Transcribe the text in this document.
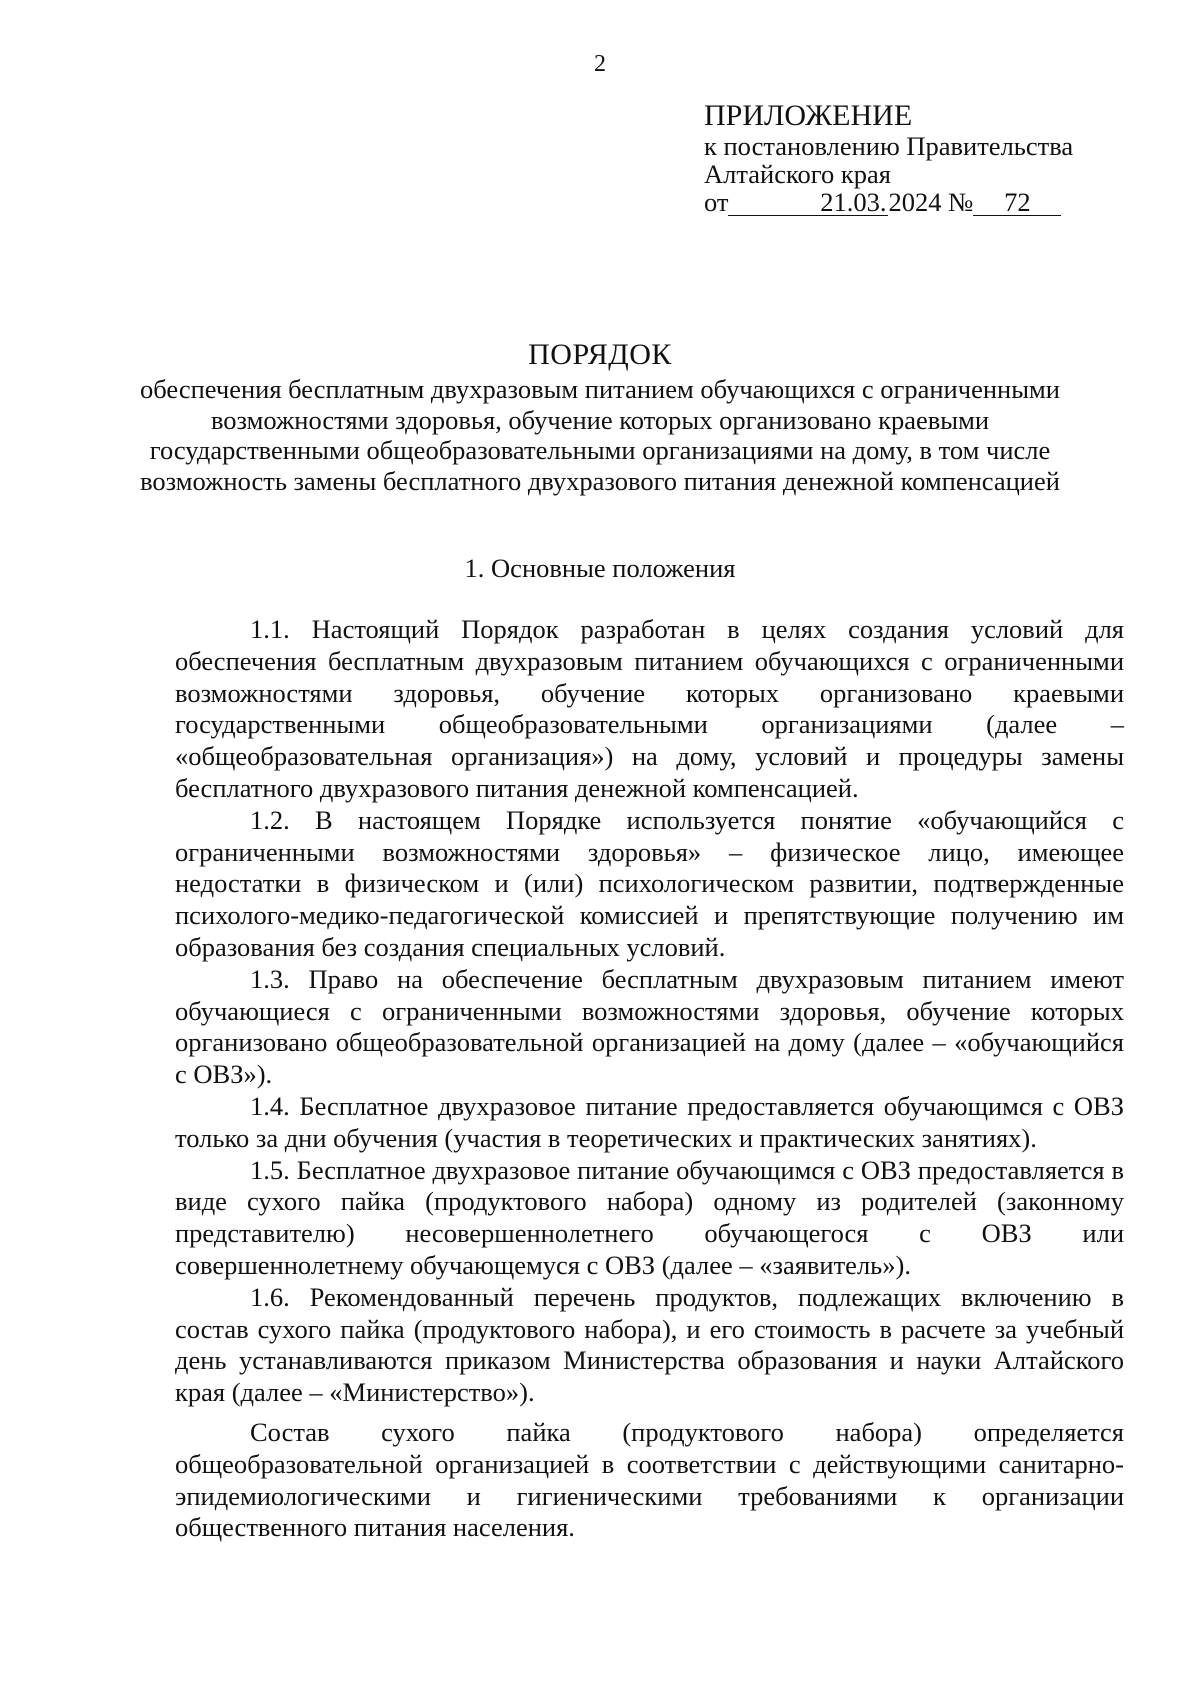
2
ПРИЛОЖЕНИЕ
к постановлению Правительства
Алтайского края
от	21.03.2024 № 72
ПОРЯДОК
обеспечения бесплатным двухразовым питанием обучающихся с ограниченными возможностями здоровья, обучение которых организовано краевыми государственными общеобразовательными организациями на дому, в том числе возможность замены бесплатного двухразового питания денежной компенсацией
1. Основные положения

1.1. Настоящий Порядок разработан в целях создания условий для обеспечения бесплатным двухразовым питанием обучающихся с ограниченными возможностями здоровья, обучение которых организовано краевыми государственными общеобразовательными организациями (далее – «общеобразовательная организация») на дому, условий и процедуры замены бесплатного двухразового питания денежной компенсацией.

1.2. В настоящем Порядке используется понятие «обучающийся с ограниченными возможностями здоровья» – физическое лицо, имеющее недостатки в физическом и (или) психологическом развитии, подтвержденные психолого-медико-педагогической комиссией и препятствующие получению им образования без создания специальных условий.

1.3. Право на обеспечение бесплатным двухразовым питанием имеют обучающиеся с ограниченными возможностями здоровья, обучение которых организовано общеобразовательной организацией на дому (далее – «обучающийся с ОВЗ»).

1.4. Бесплатное двухразовое питание предоставляется обучающимся с ОВЗ только за дни обучения (участия в теоретических и практических занятиях).

1.5. Бесплатное двухразовое питание обучающимся с ОВЗ предоставляется в виде сухого пайка (продуктового набора) одному из родителей (законному представителю) несовершеннолетнего обучающегося с ОВЗ или совершеннолетнему обучающемуся с ОВЗ (далее – «заявитель»).

1.6. Рекомендованный перечень продуктов, подлежащих включению в состав сухого пайка (продуктового набора), и его стоимость в расчете за учебный день устанавливаются приказом Министерства образования и науки Алтайского края (далее – «Министерство»).

Состав сухого пайка (продуктового набора) определяется общеобразовательной организацией в соответствии с действующими санитарно-эпидемиологическими и гигиеническими требованиями к организации общественного питания населения.
